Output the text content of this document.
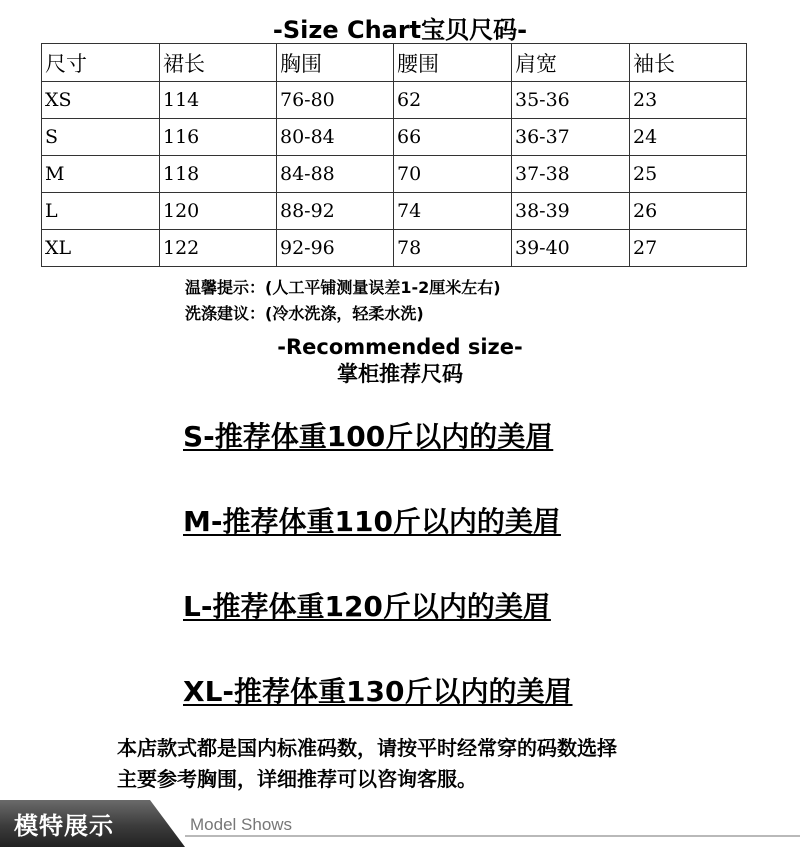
-Size Chart宝贝尺码-
尺寸	裙长	胸围	腰围	肩宽	袖长
XS	114	76-80	62	35-36	23
S	116	80-84	66	36-37	24
M	118	84-88	70	37-38	25
L	120	88-92	74	38-39	26
XL	122	92-96	78	39-40	27
温馨提示：(人工平铺测量误差1-2厘米左右)
洗涤建议：(冷水洗涤，轻柔水洗)
-Recommended size-
掌柜推荐尺码
S-推荐体重100斤以内的美眉
M-推荐体重110斤以内的美眉
L-推荐体重120斤以内的美眉
XL-推荐体重130斤以内的美眉
本店款式都是国内标准码数，请按平时经常穿的码数选择
主要参考胸围，详细推荐可以咨询客服。
模特展示	Model Shows
